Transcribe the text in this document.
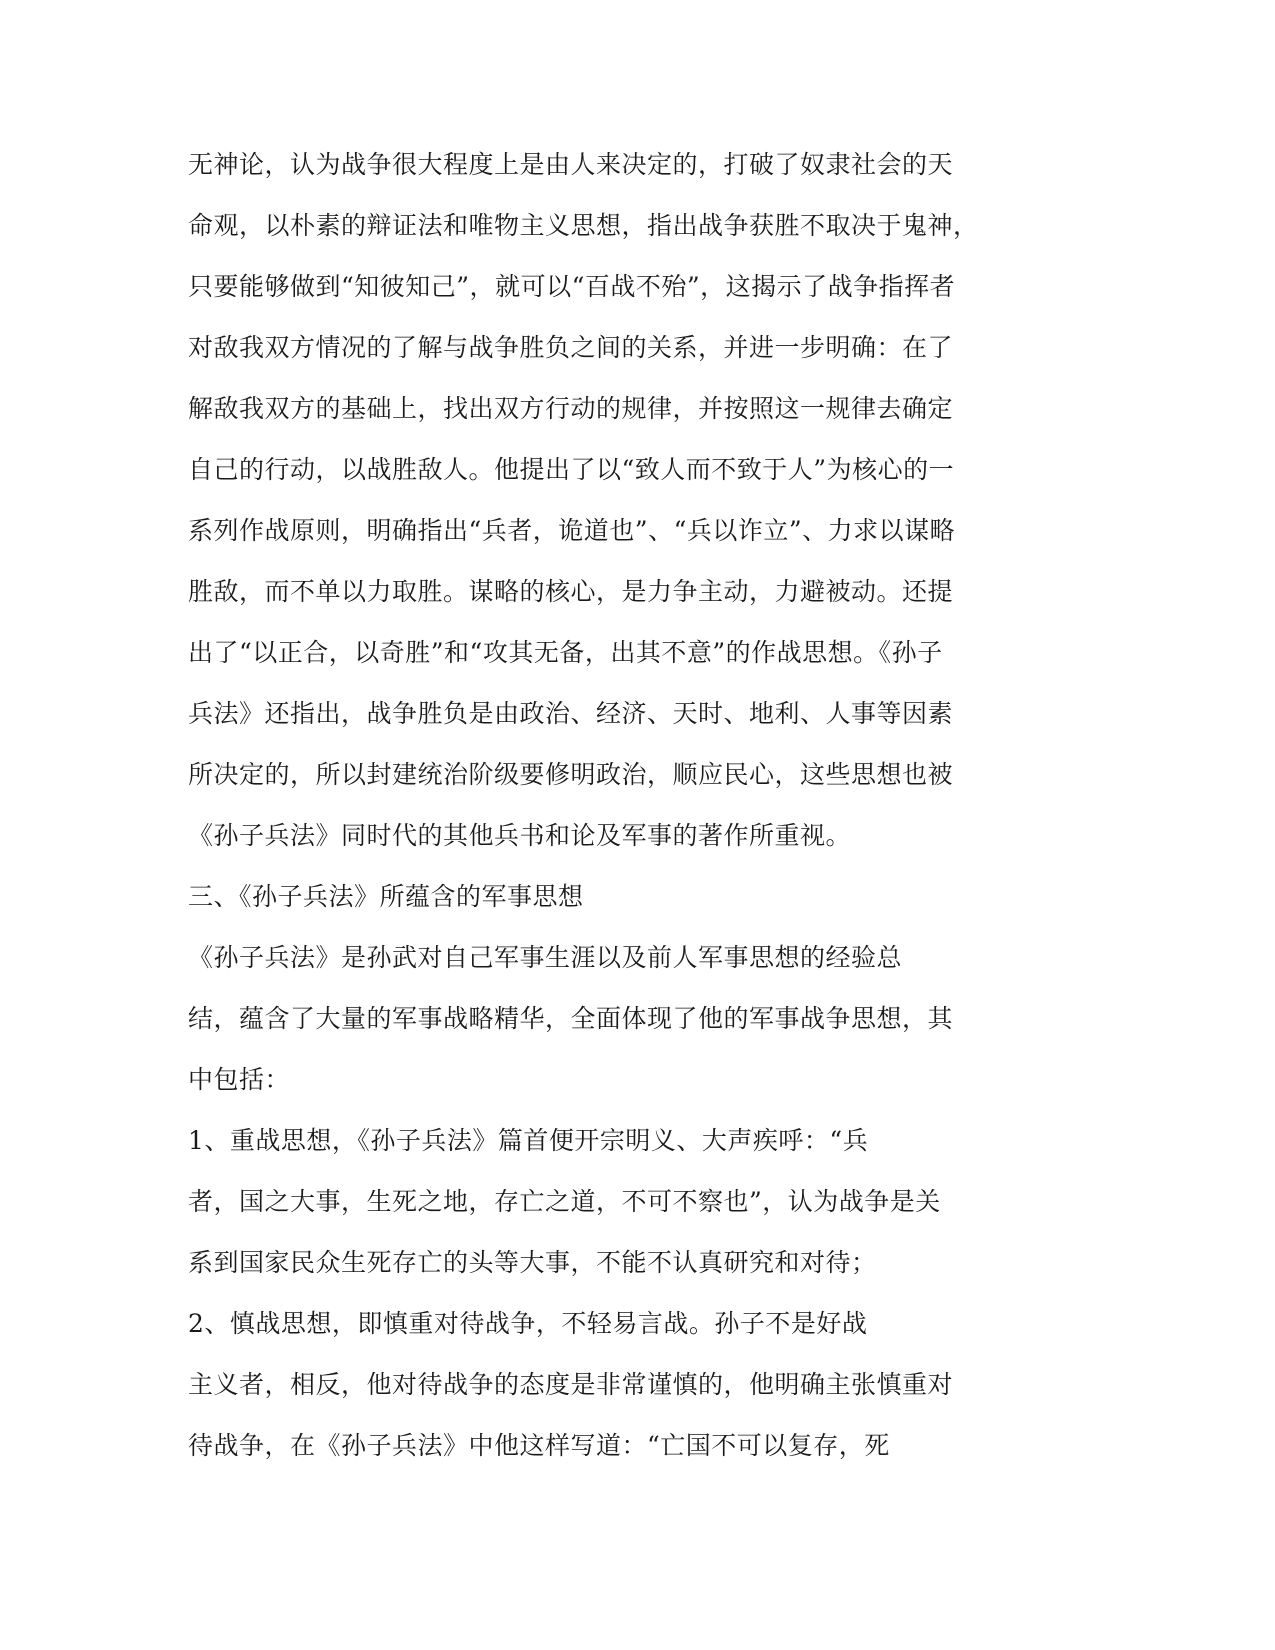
无神论，认为战争很大程度上是由人来决定的，打破了奴隶社会的天
命观，以朴素的辩证法和唯物主义思想，指出战争获胜不取决于鬼神，
只要能够做到“知彼知己”，就可以“百战不殆”，这揭示了战争指挥者
对敌我双方情况的了解与战争胜负之间的关系，并进一步明确：在了
解敌我双方的基础上，找出双方行动的规律，并按照这一规律去确定
自己的行动，以战胜敌人。他提出了以“致人而不致于人”为核心的一
系列作战原则，明确指出“兵者，诡道也”、“兵以诈立”、力求以谋略
胜敌，而不单以力取胜。谋略的核心，是力争主动，力避被动。还提
出了“以正合，以奇胜”和“攻其无备，出其不意”的作战思想。《孙子
兵法》还指出，战争胜负是由政治、经济、天时、地利、人事等因素
所决定的，所以封建统治阶级要修明政治，顺应民心，这些思想也被
《孙子兵法》同时代的其他兵书和论及军事的著作所重视。
三、《孙子兵法》所蕴含的军事思想
《孙子兵法》是孙武对自己军事生涯以及前人军事思想的经验总
结，蕴含了大量的军事战略精华，全面体现了他的军事战争思想，其
中包括：
1、重战思想，《孙子兵法》篇首便开宗明义、大声疾呼：“兵
者，国之大事，生死之地，存亡之道，不可不察也”，认为战争是关
系到国家民众生死存亡的头等大事，不能不认真研究和对待；
2、慎战思想，即慎重对待战争，不轻易言战。孙子不是好战
主义者，相反，他对待战争的态度是非常谨慎的，他明确主张慎重对
待战争，在《孙子兵法》中他这样写道：“亡国不可以复存，死
